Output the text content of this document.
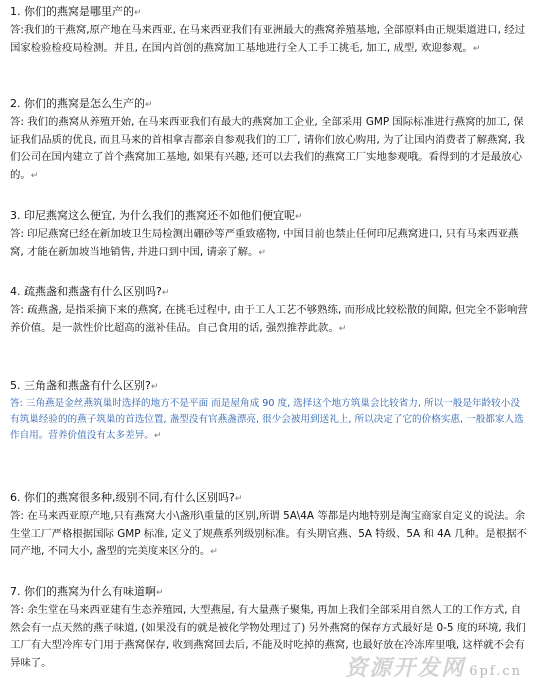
1. 你们的燕窝是哪里产的↵

答:我们的干燕窝,原产地在马来西亚, 在马来西亚我们有亚洲最大的燕窝养殖基地, 全部原料由正规渠道进口, 经过国家检验检疫局检测。并且, 在国内首创的燕窝加工基地进行全人工手工挑毛, 加工, 成型, 欢迎参观。↵

2. 你们的燕窝是怎么生产的↵

答: 我们的燕窝从养殖开始, 在马来西亚我们有最大的燕窝加工企业, 全部采用 GMP 国际标准进行燕窝的加工, 保证我们品质的优良, 而且马来的首相拿吉都亲自参观我们的工厂, 请你们放心购用, 为了让国内消费者了解燕窝, 我们公司在国内建立了首个燕窝加工基地, 如果有兴趣, 还可以去我们的燕窝工厂实地参观哦。看得到的才是最放心的。↵

3. 印尼燕窝这么便宜, 为什么我们的燕窝还不如他们便宜呢↵

答: 印尼燕窝已经在新加坡卫生局检测出硼砂等严重致癌物, 中国目前也禁止任何印尼燕窝进口, 只有马来西亚燕窝, 才能在新加坡当地销售, 并进口到中国, 请亲了解。↵

4. 疏燕盏和燕盏有什么区别吗?↵

答: 疏燕盏, 是指采摘下来的燕窝, 在挑毛过程中, 由于工人工艺不够熟练, 而形成比较松散的间隙, 但完全不影响营养价值。是一款性价比超高的滋补佳品。自己食用的话, 强烈推荐此款。↵

5. 三角盏和燕盏有什么区别?↵

答: 三角燕是金丝燕筑巢时选择的地方不是平面 而是屋角成 90 度, 选择这个地方筑巢会比较省力, 所以一般是年龄较小没有筑巢经验的的燕子筑巢的首选位置, 盏型没有官燕盏漂亮, 很少会被用到送礼上, 所以决定了它的价格实惠, 一般都家人选作自用。营养价值没有太多差异。↵

6. 你们的燕窝很多种,级别不同,有什么区别吗?↵

答: 在马来西亚原产地,只有燕窝大小\盏形\重量的区别,所谓 5A\4A 等都是内地特别是淘宝商家自定义的说法。余生堂工厂严格根据国际 GMP 标准, 定义了规燕系列级别标准。有头期官燕、5A 特级、5A 和 4A 几种。是根据不同产地, 不同大小, 盏型的完美度来区分的。↵

7. 你们的燕窝为什么有味道啊↵

答: 余生堂在马来西亚建有生态养殖园, 大型燕屋, 有大量燕子聚集, 再加上我们全部采用自然人工的工作方式, 自然会有一点天然的燕子味道, (如果没有的就是被化学物处理过了) 另外燕窝的保存方式最好是 0-5 度的环境, 我们工厂有大型冷库专门用于燕窝保存, 收到燕窝回去后, 不能及时吃掉的燕窝, 也最好放在冷冻库里哦, 这样就不会有异味了。	资源开发网 6pf.cn
